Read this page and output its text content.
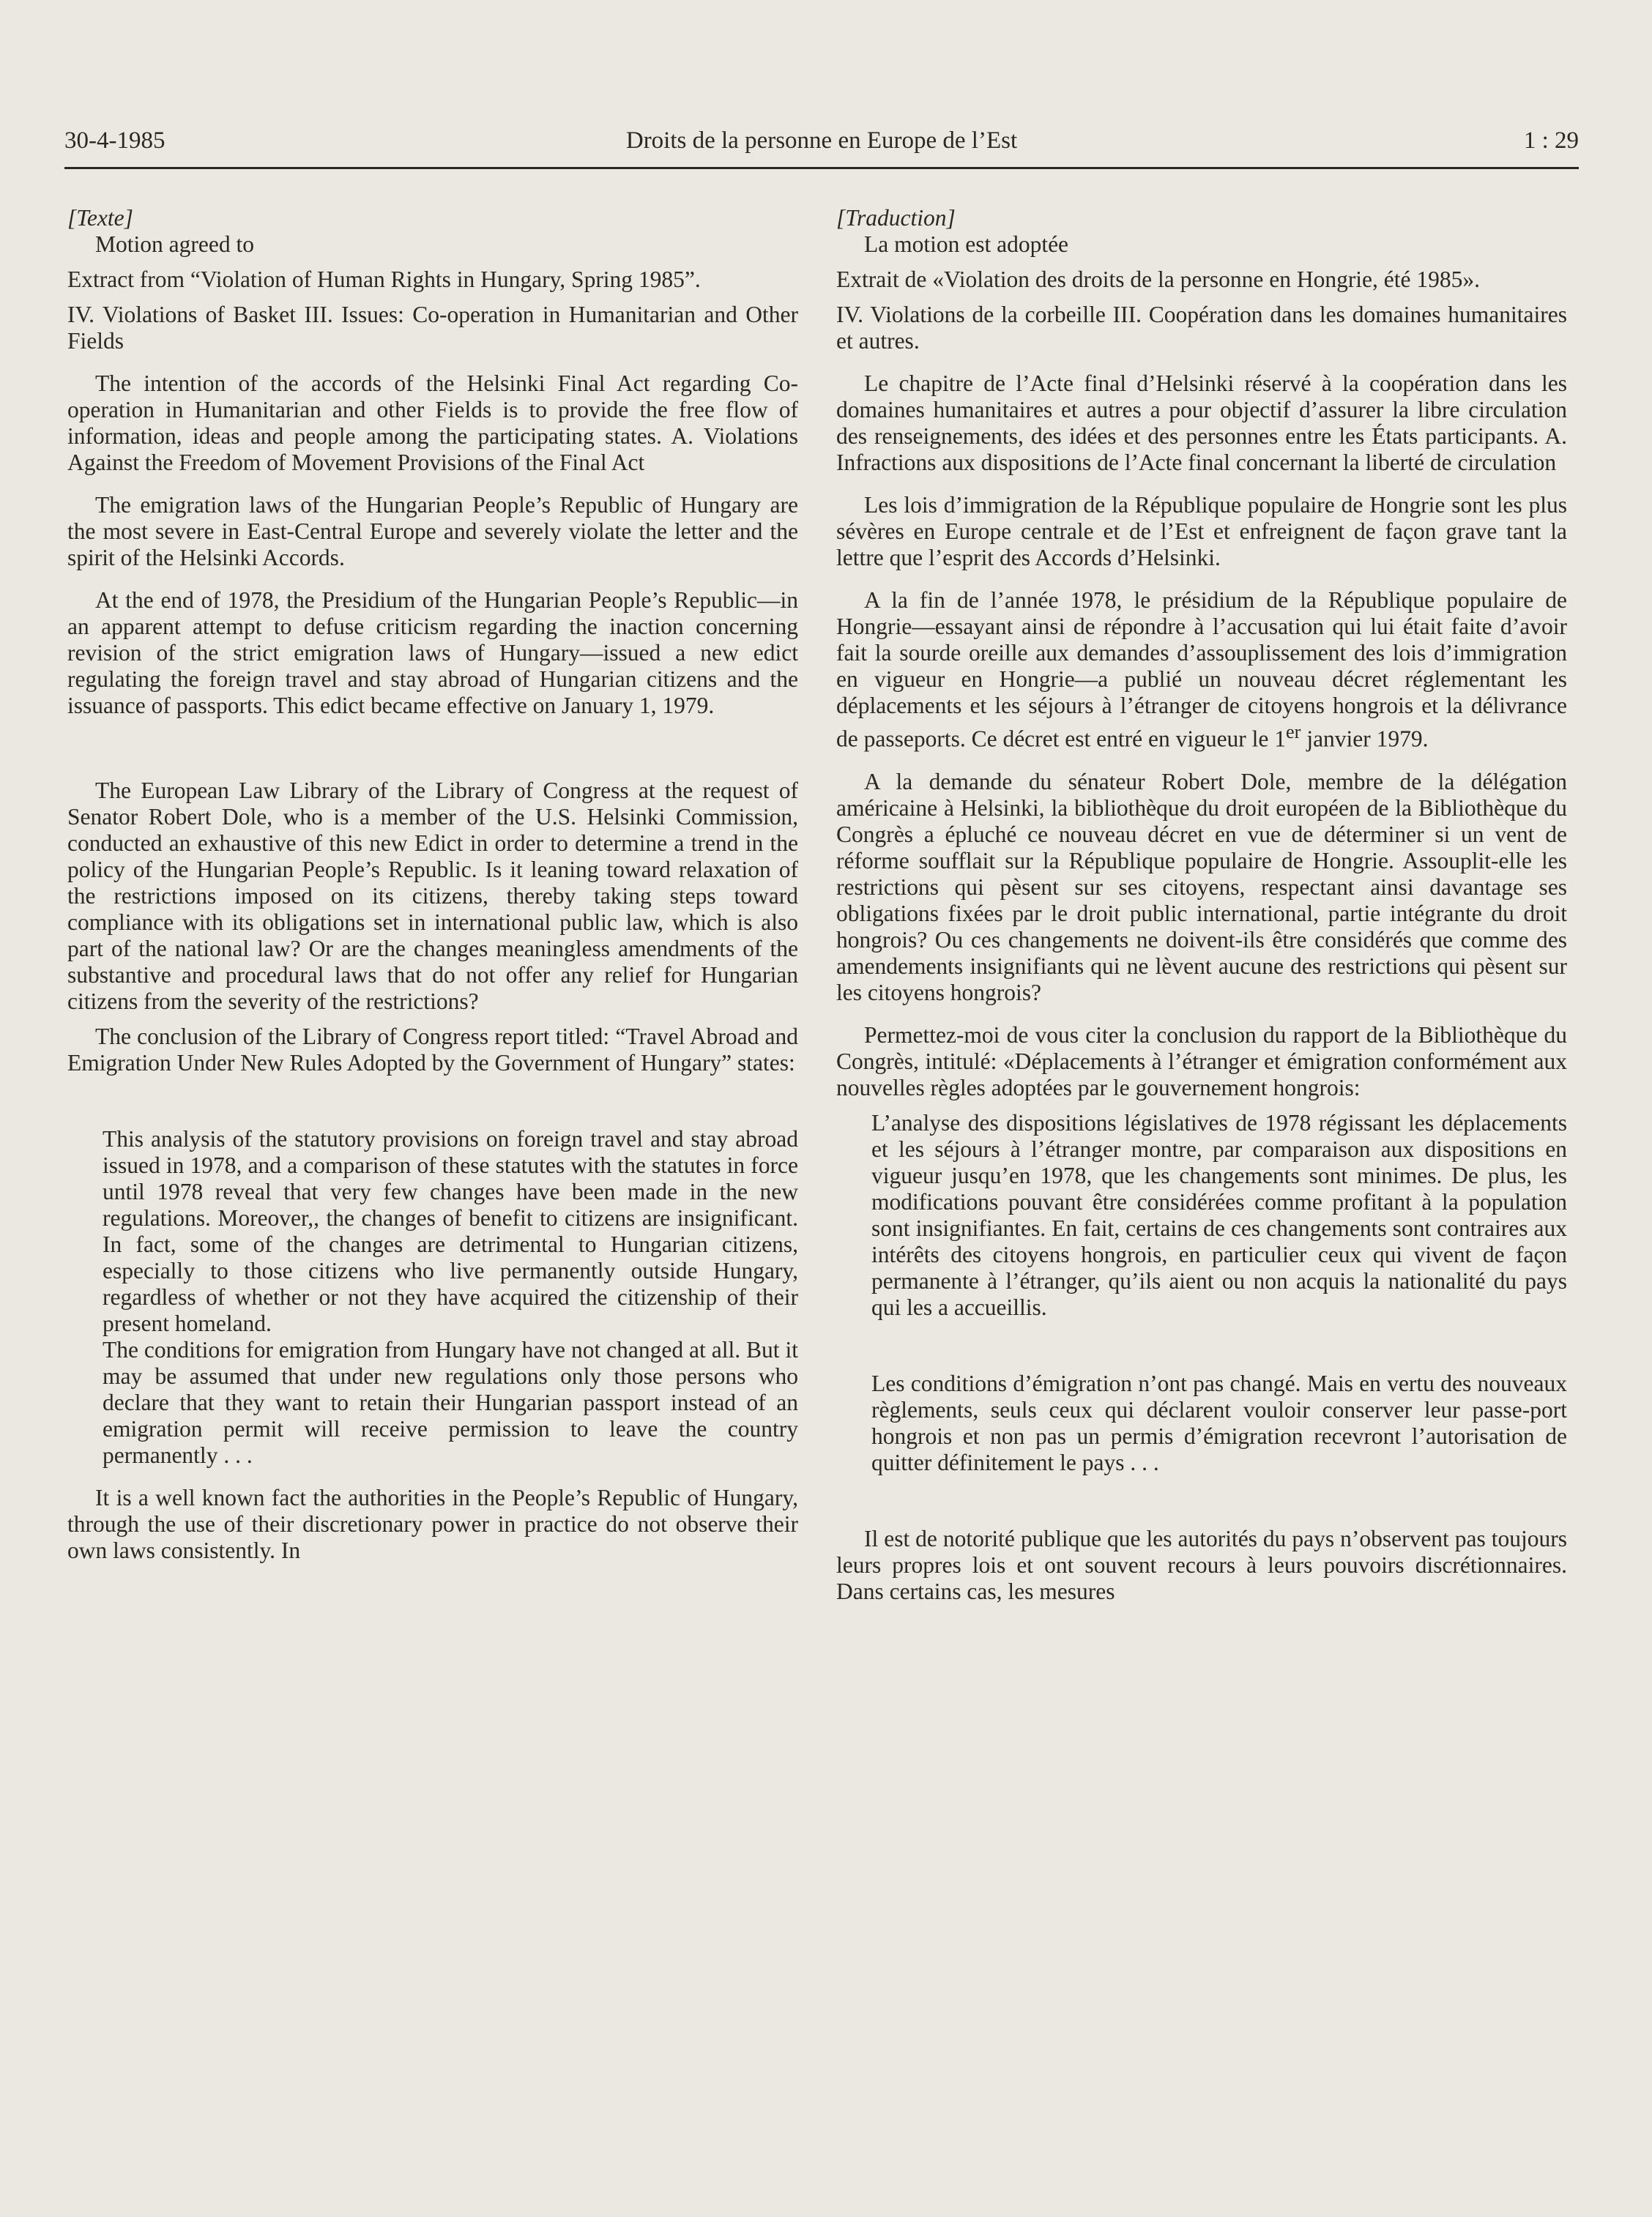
30-4-1985	Droits de la personne en Europe de l’Est	1 : 29

[Texte]

Motion agreed to

Extract from “Violation of Human Rights in Hungary, Spring 1985”.

IV. Violations of Basket III. Issues: Co-operation in Humanitarian and Other Fields

The intention of the accords of the Helsinki Final Act regarding Co-operation in Humanitarian and other Fields is to provide the free flow of information, ideas and people among the participating states. A. Violations Against the Freedom of Movement Provisions of the Final Act

The emigration laws of the Hungarian People’s Republic of Hungary are the most severe in East-Central Europe and severely violate the letter and the spirit of the Helsinki Accords.

At the end of 1978, the Presidium of the Hungarian People’s Republic—in an apparent attempt to defuse criticism regarding the inaction concerning revision of the strict emigration laws of Hungary—issued a new edict regulating the foreign travel and stay abroad of Hungarian citizens and the issuance of passports. This edict became effective on January 1, 1979.

The European Law Library of the Library of Congress at the request of Senator Robert Dole, who is a member of the U.S. Helsinki Commission, conducted an exhaustive of this new Edict in order to determine a trend in the policy of the Hungarian People’s Republic. Is it leaning toward relaxation of the restrictions imposed on its citizens, thereby taking steps toward compliance with its obligations set in international public law, which is also part of the national law? Or are the changes meaningless amendments of the substantive and procedural laws that do not offer any relief for Hungarian citizens from the severity of the restrictions?

The conclusion of the Library of Congress report titled: “Travel Abroad and Emigration Under New Rules Adopted by the Government of Hungary” states:

This analysis of the statutory provisions on foreign travel and stay abroad issued in 1978, and a comparison of these statutes with the statutes in force until 1978 reveal that very few changes have been made in the new regulations. Moreover,, the changes of benefit to citizens are insignificant. In fact, some of the changes are detrimental to Hungarian citizens, especially to those citizens who live permanently outside Hungary, regardless of whether or not they have acquired the citizenship of their present homeland.

The conditions for emigration from Hungary have not changed at all. But it may be assumed that under new regulations only those persons who declare that they want to retain their Hungarian passport instead of an emigration permit will receive permission to leave the country permanently . . .

It is a well known fact the authorities in the People’s Republic of Hungary, through the use of their discretionary power in practice do not observe their own laws consistently. In

[Traduction]

La motion est adoptée

Extrait de «Violation des droits de la personne en Hongrie, été 1985».

IV. Violations de la corbeille III. Coopération dans les domaines humanitaires et autres.

Le chapitre de l’Acte final d’Helsinki réservé à la coopération dans les domaines humanitaires et autres a pour objectif d’assurer la libre circulation des renseignements, des idées et des personnes entre les États participants. A. Infractions aux dispositions de l’Acte final concernant la liberté de circulation

Les lois d’immigration de la République populaire de Hongrie sont les plus sévères en Europe centrale et de l’Est et enfreignent de façon grave tant la lettre que l’esprit des Accords d’Helsinki.

A la fin de l’année 1978, le présidium de la République populaire de Hongrie—essayant ainsi de répondre à l’accusation qui lui était faite d’avoir fait la sourde oreille aux demandes d’assouplissement des lois d’immigration en vigueur en Hongrie—a publié un nouveau décret réglementant les déplacements et les séjours à l’étranger de citoyens hongrois et la délivrance de passeports. Ce décret est entré en vigueur le 1er janvier 1979.

A la demande du sénateur Robert Dole, membre de la délégation américaine à Helsinki, la bibliothèque du droit européen de la Bibliothèque du Congrès a épluché ce nouveau décret en vue de déterminer si un vent de réforme soufflait sur la République populaire de Hongrie. Assouplit-elle les restrictions qui pèsent sur ses citoyens, respectant ainsi davantage ses obligations fixées par le droit public international, partie intégrante du droit hongrois? Ou ces changements ne doivent-ils être considérés que comme des amendements insignifiants qui ne lèvent aucune des restrictions qui pèsent sur les citoyens hongrois?

Permettez-moi de vous citer la conclusion du rapport de la Bibliothèque du Congrès, intitulé: «Déplacements à l’étranger et émigration conformément aux nouvelles règles adoptées par le gouvernement hongrois:

L’analyse des dispositions législatives de 1978 régissant les déplacements et les séjours à l’étranger montre, par comparaison aux dispositions en vigueur jusqu’en 1978, que les changements sont minimes. De plus, les modifications pouvant être considérées comme profitant à la population sont insignifiantes. En fait, certains de ces changements sont contraires aux intérêts des citoyens hongrois, en particulier ceux qui vivent de façon permanente à l’étranger, qu’ils aient ou non acquis la nationalité du pays qui les a accueillis.

Les conditions d’émigration n’ont pas changé. Mais en vertu des nouveaux règlements, seuls ceux qui déclarent vouloir conserver leur passe-port hongrois et non pas un permis d’émigration recevront l’autorisation de quitter définitement le pays . . .

Il est de notorité publique que les autorités du pays n’observent pas toujours leurs propres lois et ont souvent recours à leurs pouvoirs discrétionnaires. Dans certains cas, les mesures
